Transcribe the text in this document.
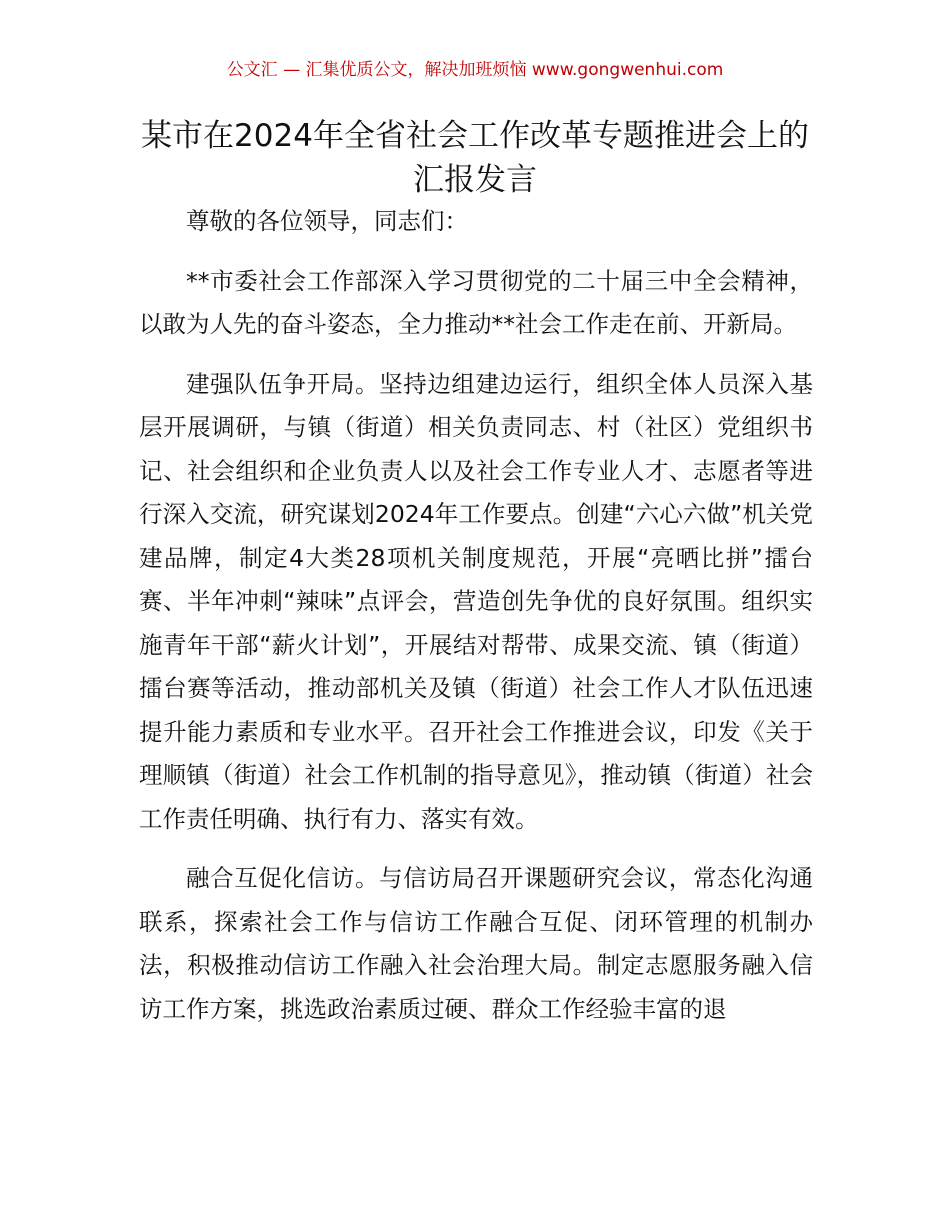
公文汇 — 汇集优质公文，解决加班烦恼 www.gongwenhui.com
某市在2024年全省社会工作改革专题推进会上的汇报发言

尊敬的各位领导，同志们：

**市委社会工作部深入学习贯彻党的二十届三中全会精神，以敢为人先的奋斗姿态，全力推动**社会工作走在前、开新局。

建强队伍争开局。坚持边组建边运行，组织全体人员深入基层开展调研，与镇（街道）相关负责同志、村（社区）党组织书记、社会组织和企业负责人以及社会工作专业人才、志愿者等进行深入交流，研究谋划2024年工作要点。创建“六心六做”机关党建品牌，制定4大类28项机关制度规范，开展“亮晒比拼”擂台赛、半年冲刺“辣味”点评会，营造创先争优的良好氛围。组织实施青年干部“薪火计划”，开展结对帮带、成果交流、镇（街道）擂台赛等活动，推动部机关及镇（街道）社会工作人才队伍迅速提升能力素质和专业水平。召开社会工作推进会议，印发《关于理顺镇（街道）社会工作机制的指导意见》，推动镇（街道）社会工作责任明确、执行有力、落实有效。

融合互促化信访。与信访局召开课题研究会议，常态化沟通联系，探索社会工作与信访工作融合互促、闭环管理的机制办法，积极推动信访工作融入社会治理大局。制定志愿服务融入信访工作方案，挑选政治素质过硬、群众工作经验丰富的退
